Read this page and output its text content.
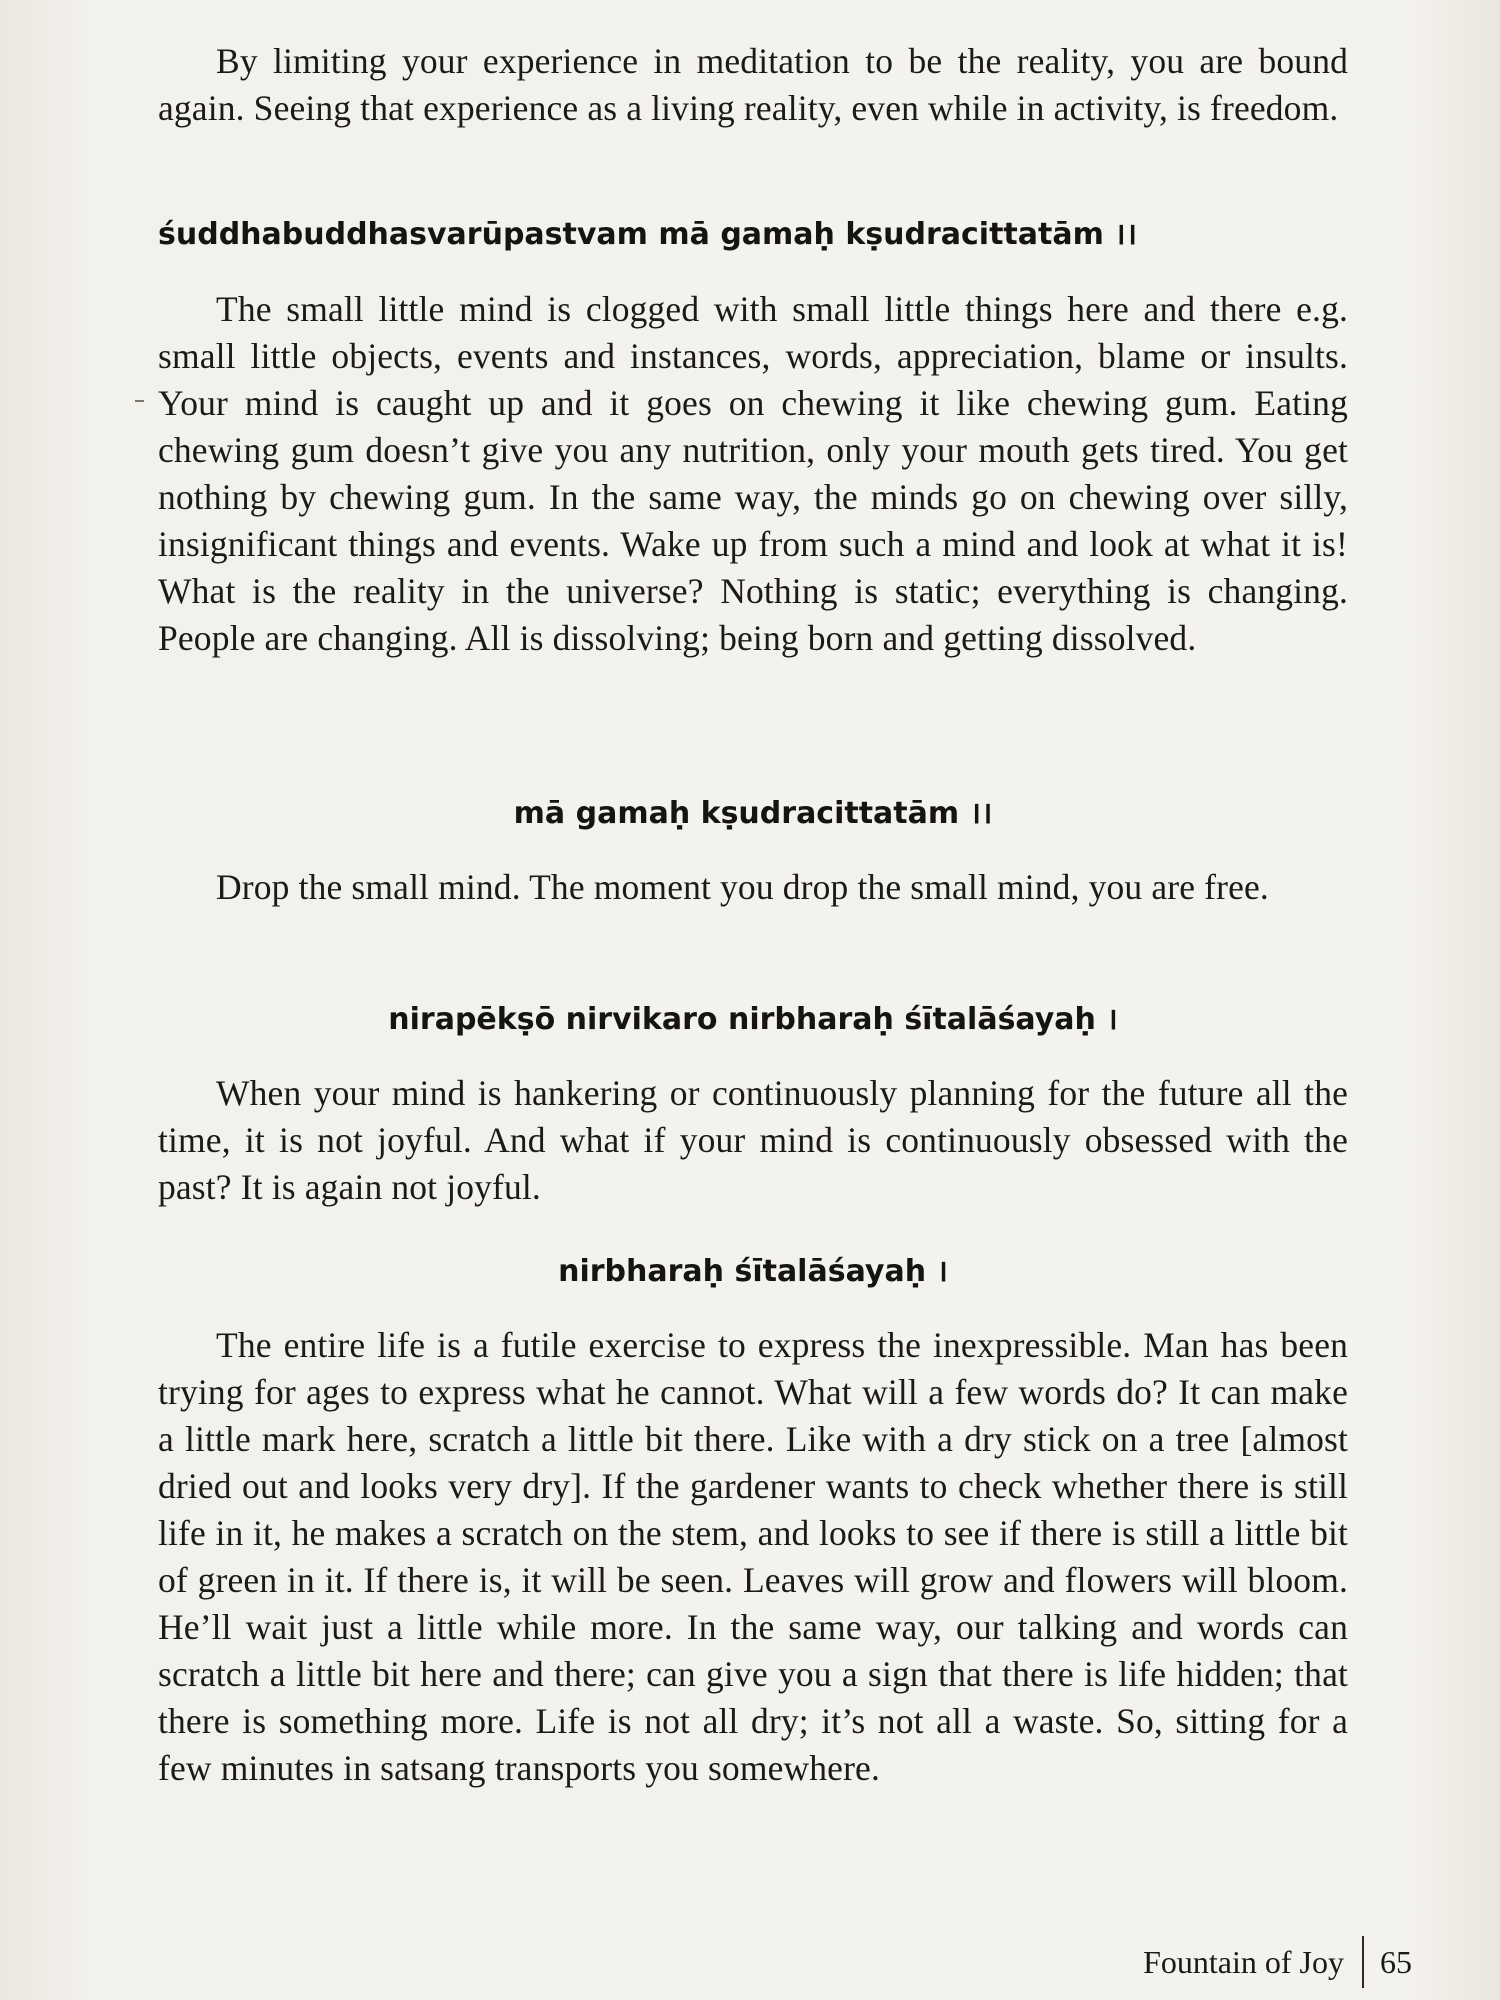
By limiting your experience in meditation to be the reality, you are bound again. Seeing that experience as a living reality, even while in activity, is freedom.

śuddhabuddhasvarūpastvam mā gamaḥ kṣudracittatām ।।

The small little mind is clogged with small little things here and there e.g. small little objects, events and instances, words, appreciation, blame or insults. Your mind is caught up and it goes on chewing it like chewing gum. Eating chewing gum doesn’t give you any nutrition, only your mouth gets tired. You get nothing by chewing gum. In the same way, the minds go on chewing over silly, insignificant things and events. Wake up from such a mind and look at what it is! What is the reality in the universe? Nothing is static; everything is changing. People are changing. All is dissolving; being born and getting dissolved.

mā gamaḥ kṣudracittatām ।।

Drop the small mind. The moment you drop the small mind, you are free.

nirapēkṣō nirvikaro nirbharaḥ śītalāśayaḥ ।

When your mind is hankering or continuously planning for the future all the time, it is not joyful. And what if your mind is continuously obsessed with the past? It is again not joyful.

nirbharaḥ śītalāśayaḥ ।

The entire life is a futile exercise to express the inexpressible. Man has been trying for ages to express what he cannot. What will a few words do? It can make a little mark here, scratch a little bit there. Like with a dry stick on a tree [almost dried out and looks very dry]. If the gardener wants to check whether there is still life in it, he makes a scratch on the stem, and looks to see if there is still a little bit of green in it. If there is, it will be seen. Leaves will grow and flowers will bloom. He’ll wait just a little while more. In the same way, our talking and words can scratch a little bit here and there; can give you a sign that there is life hidden; that there is something more. Life is not all dry; it’s not all a waste. So, sitting for a few minutes in satsang transports you somewhere.

Fountain of Joy 65
